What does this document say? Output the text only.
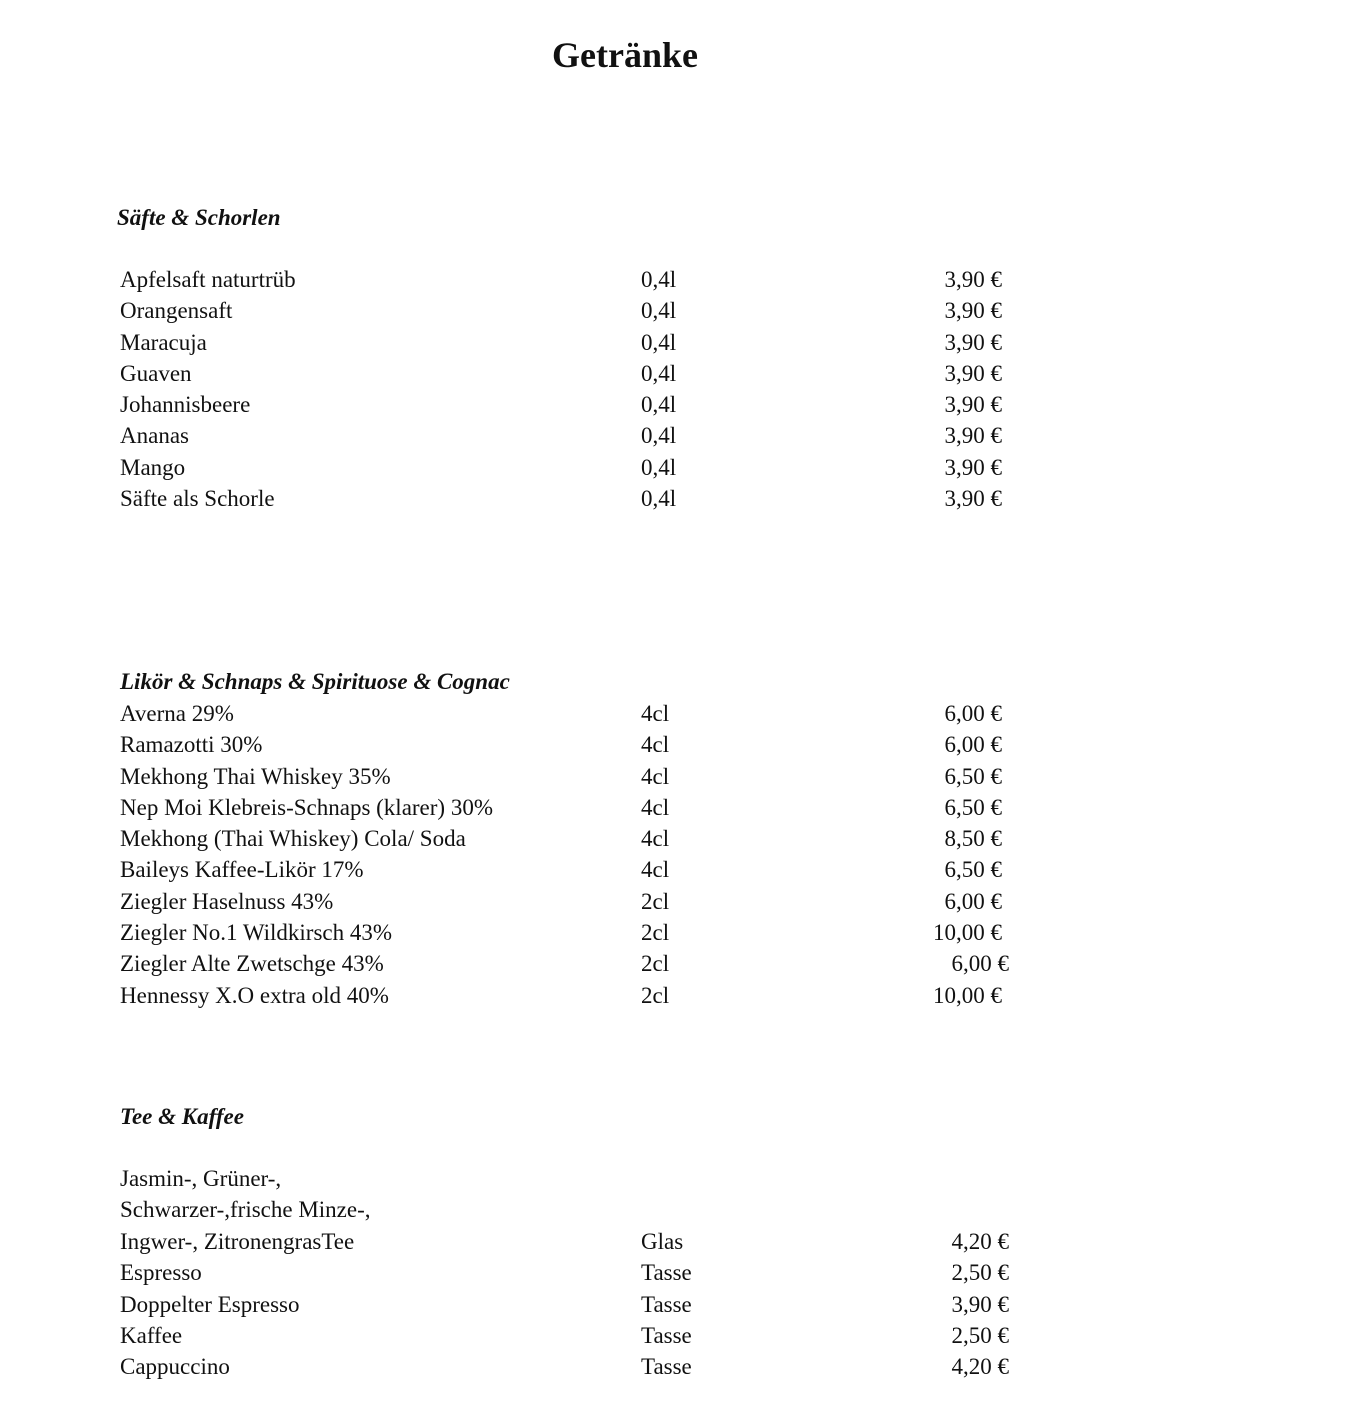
Getränke
Säfte & Schorlen
Apfelsaft naturtrüb	0,4l	3,90 €
Orangensaft	0,4l	3,90 €
Maracuja	0,4l	3,90 €
Guaven	0,4l	3,90 €
Johannisbeere	0,4l	3,90 €
Ananas	0,4l	3,90 €
Mango	0,4l	3,90 €
Säfte als Schorle	0,4l	3,90 €
Likör & Schnaps & Spirituose & Cognac
Averna 29%	4cl	6,00 €
Ramazotti 30%	4cl	6,00 €
Mekhong Thai Whiskey 35%	4cl	6,50 €
Nep Moi Klebreis-Schnaps (klarer) 30%	4cl	6,50 €
Mekhong (Thai Whiskey) Cola/ Soda	4cl	8,50 €
Baileys Kaffee-Likör 17%	4cl	6,50 €
Ziegler Haselnuss 43%	2cl	6,00 €
Ziegler No.1 Wildkirsch 43%	2cl	10,00 €
Ziegler Alte Zwetschge 43%	2cl	6,00 €
Hennessy X.O extra old 40%	2cl	10,00 €
Tee & Kaffee

Jasmin-, Grüner-,
Schwarzer-,frische Minze-,

Ingwer-, ZitronengrasTee	Glas	4,20 €
Espresso	Tasse	2,50 €
Doppelter Espresso	Tasse	3,90 €
Kaffee	Tasse	2,50 €
Cappuccino	Tasse	4,20 €
